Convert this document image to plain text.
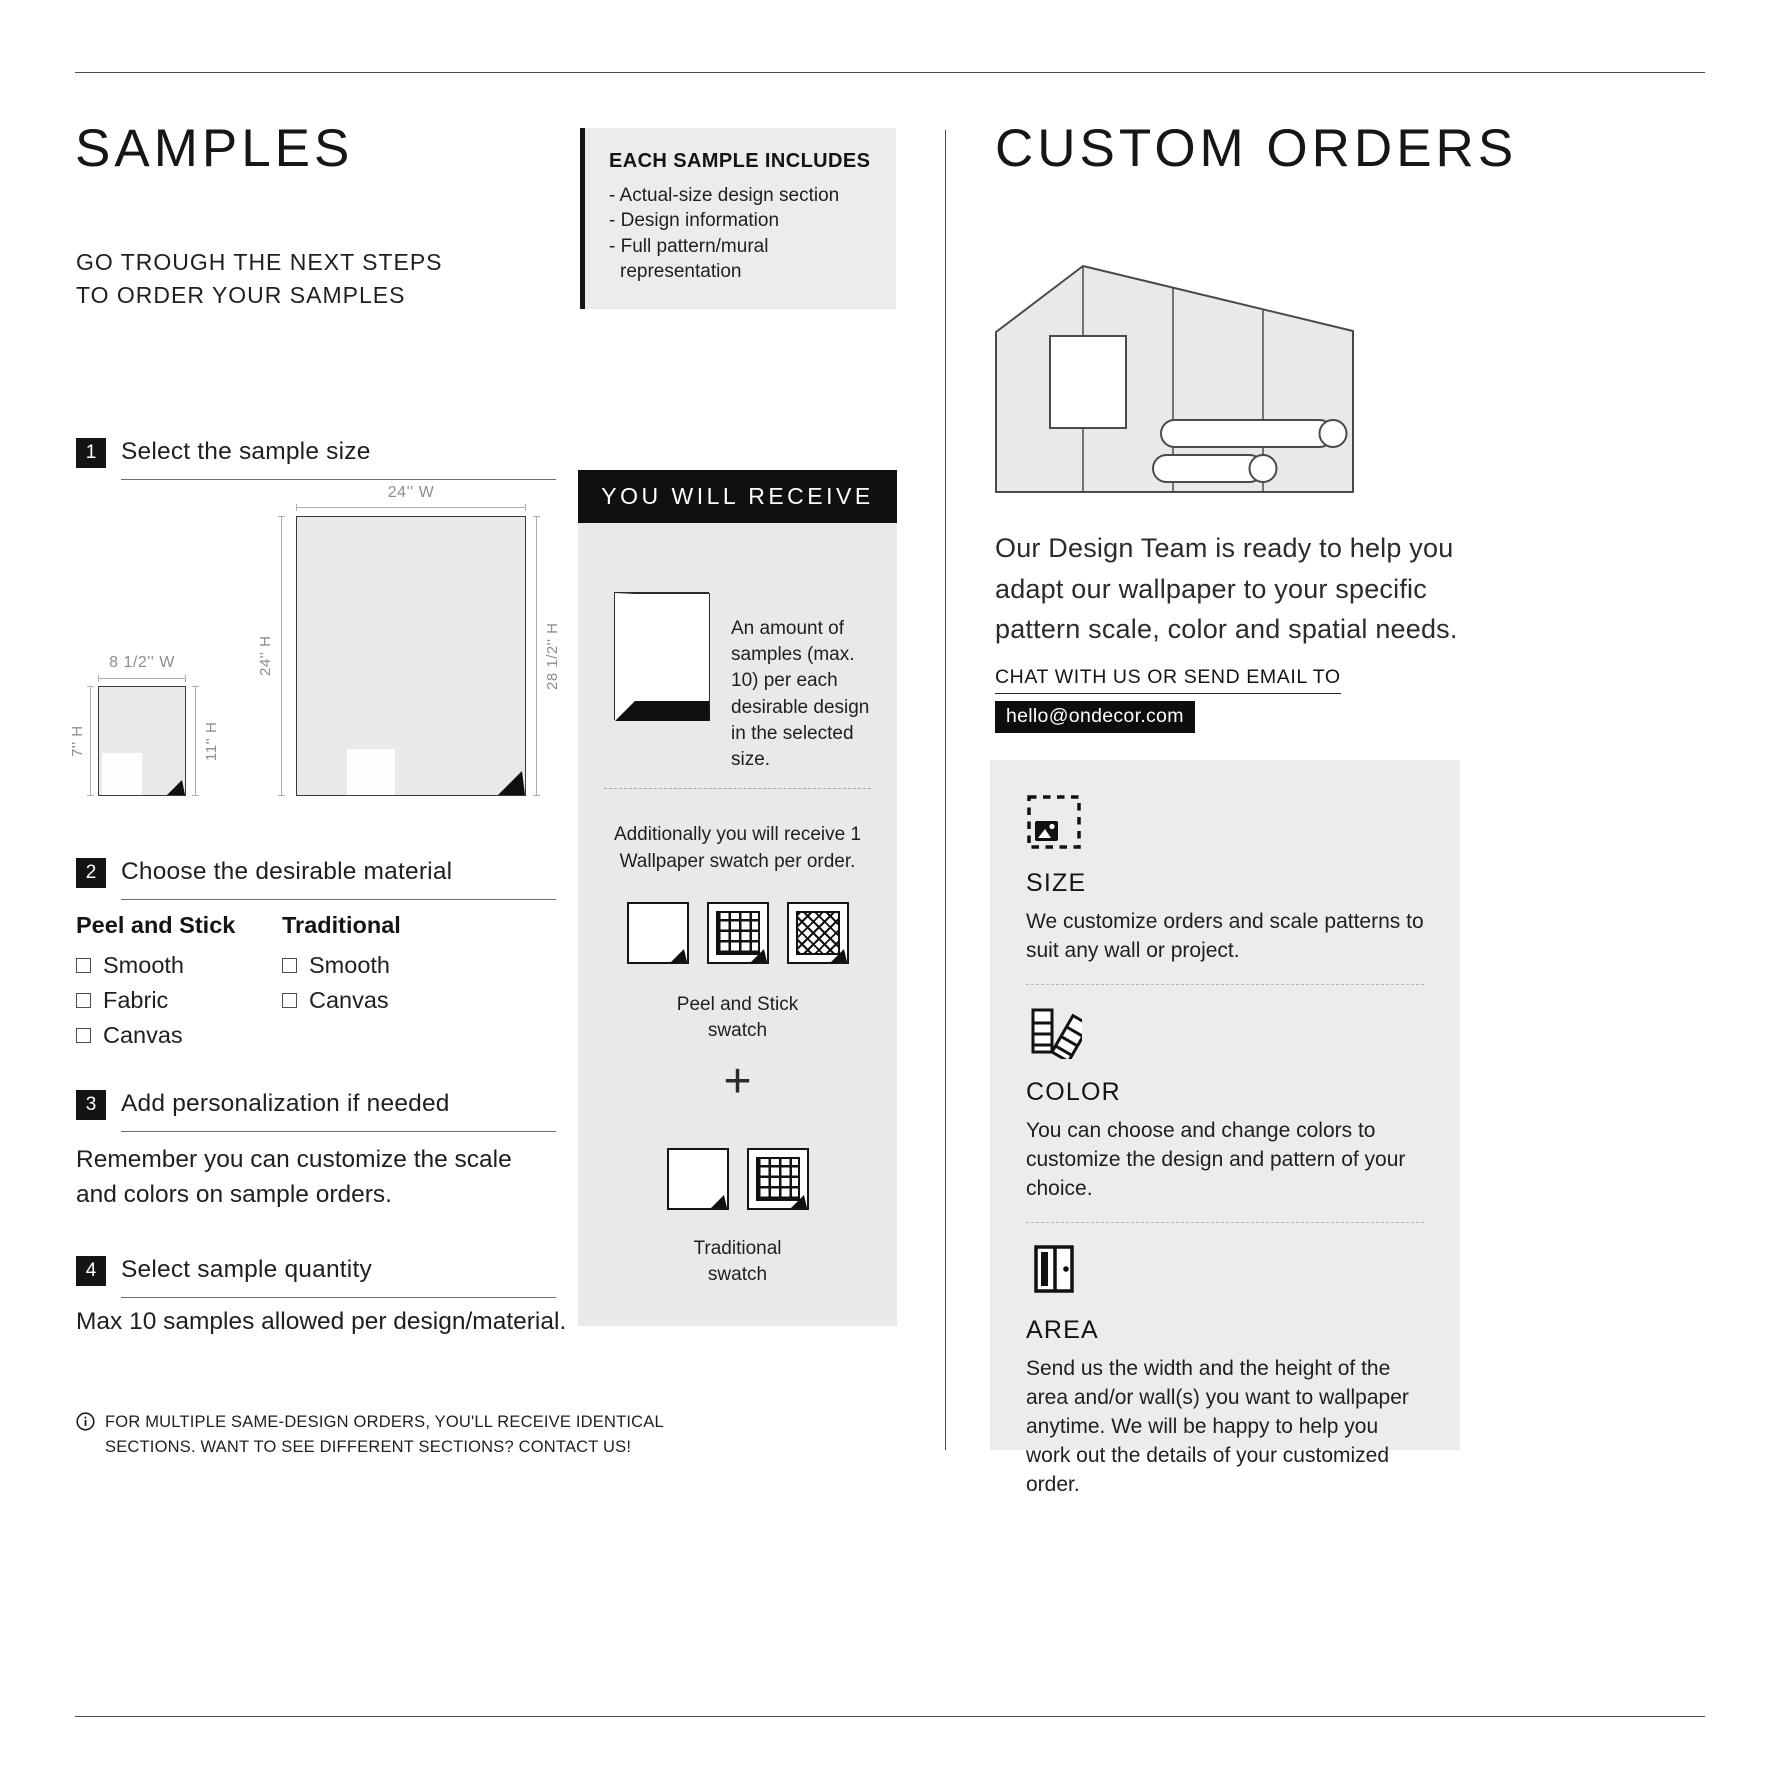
SAMPLES
GO TROUGH THE NEXT STEPS
TO ORDER YOUR SAMPLES
EACH SAMPLE INCLUDES
- Actual-size design section
- Design information
- Full pattern/mural representation
1	Select the sample size
24'' W
24'' H	28 1/2'' H
8 1/2'' W
7'' H	11'' H
2	Choose the desirable material
Peel and Stick
Smooth
Fabric
Canvas
Traditional
Smooth
Canvas
3	Add personalization if needed
Remember you can customize the scale and colors on sample orders.
4	Select sample quantity
Max 10 samples allowed per design/material.
FOR MULTIPLE SAME-DESIGN ORDERS, YOU'LL RECEIVE IDENTICAL SECTIONS. WANT TO SEE DIFFERENT SECTIONS? CONTACT US!
YOU WILL RECEIVE
An amount of samples (max. 10) per each desirable design in the selected size.
Additionally you will receive 1 Wallpaper swatch per order.
Peel and Stick
swatch
+
Traditional
swatch
CUSTOM ORDERS
Our Design Team is ready to help you adapt our wallpaper to your specific pattern scale, color and spatial needs.
CHAT WITH US OR SEND EMAIL TO
hello@ondecor.com
SIZE
We customize orders and scale patterns to suit any wall or project.
COLOR
You can choose and change colors to customize the design and pattern of your choice.
AREA
Send us the width and the height of the area and/or wall(s) you want to wallpaper anytime. We will be happy to help you work out the details of your customized order.
